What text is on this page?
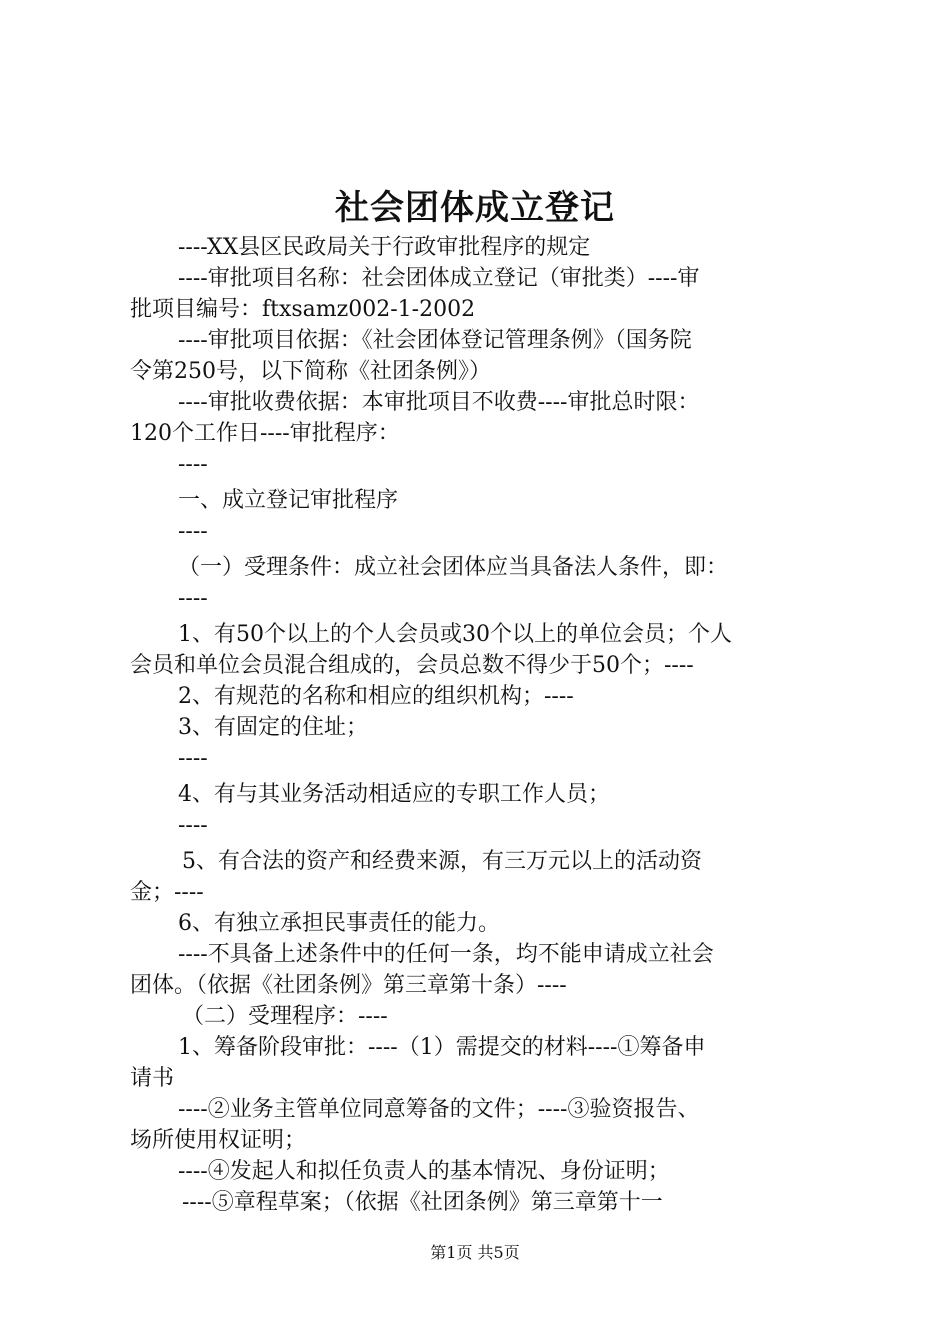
社会团体成立登记
----XX县区民政局关于行政审批程序的规定
----审批项目名称：社会团体成立登记（审批类）----审
批项目编号：ftxsamz002-1-2002
----审批项目依据：《社会团体登记管理条例》（国务院
令第250号，以下简称《社团条例》）
----审批收费依据：本审批项目不收费----审批总时限：
120个工作日----审批程序：
----
一、成立登记审批程序
----
（一）受理条件：成立社会团体应当具备法人条件，即：
----
1、有50个以上的个人会员或30个以上的单位会员；个人
会员和单位会员混合组成的，会员总数不得少于50个；----
2、有规范的名称和相应的组织机构；----
3、有固定的住址；
----
4、有与其业务活动相适应的专职工作人员；
----
5、有合法的资产和经费来源，有三万元以上的活动资
金；----
6、有独立承担民事责任的能力。
----不具备上述条件中的任何一条，均不能申请成立社会
团体。（依据《社团条例》第三章第十条）----
（二）受理程序：----
1、筹备阶段审批：----（1）需提交的材料----①筹备申
请书
----②业务主管单位同意筹备的文件；----③验资报告、
场所使用权证明；
----④发起人和拟任负责人的基本情况、身份证明；
----⑤章程草案；（依据《社团条例》第三章第十一
第1页 共5页
